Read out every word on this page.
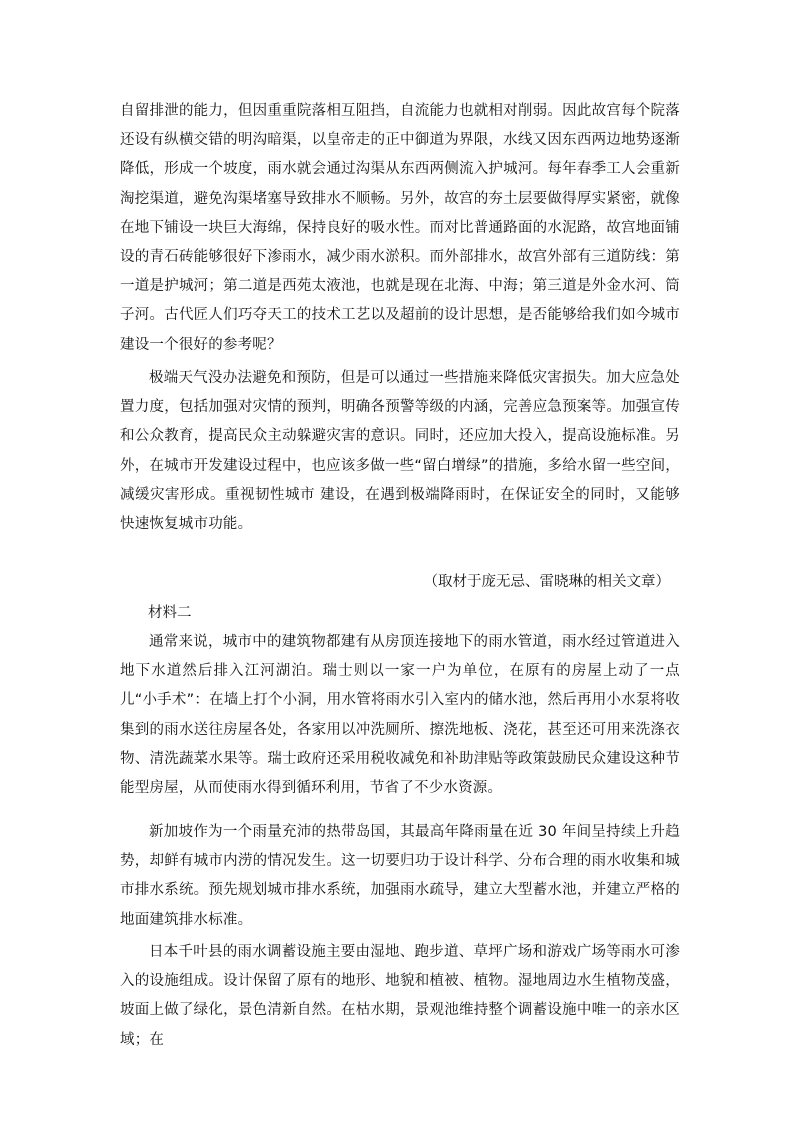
自留排泄的能力，但因重重院落相互阻挡，自流能力也就相对削弱。因此故宫每个院落还设有纵横交错的明沟暗渠，以皇帝走的正中御道为界限，水线又因东西两边地势逐渐降低，形成一个坡度，雨水就会通过沟渠从东西两侧流入护城河。每年春季工人会重新淘挖渠道，避免沟渠堵塞导致排水不顺畅。另外，故宫的夯土层要做得厚实紧密，就像在地下铺设一块巨大海绵，保持良好的吸水性。而对比普通路面的水泥路，故宫地面铺设的青石砖能够很好下渗雨水，减少雨水淤积。而外部排水，故宫外部有三道防线：第一道是护城河；第二道是西苑太液池，也就是现在北海、中海；第三道是外金水河、筒子河。古代匠人们巧夺天工的技术工艺以及超前的设计思想，是否能够给我们如今城市建设一个很好的参考呢？

极端天气没办法避免和预防，但是可以通过一些措施来降低灾害损失。加大应急处置力度，包括加强对灾情的预判，明确各预警等级的内涵，完善应急预案等。加强宣传和公众教育，提高民众主动躲避灾害的意识。同时，还应加大投入，提高设施标准。另外，在城市开发建设过程中，也应该多做一些“留白增绿”的措施，多给水留一些空间，减缓灾害形成。重视韧性城市 建设，在遇到极端降雨时，在保证安全的同时，又能够快速恢复城市功能。

（取材于庞无忌、雷晓琳的相关文章）

材料二

通常来说，城市中的建筑物都建有从房顶连接地下的雨水管道，雨水经过管道进入地下水道然后排入江河湖泊。瑞士则以一家一户为单位，在原有的房屋上动了一点儿“小手术”：在墙上打个小洞，用水管将雨水引入室内的储水池，然后再用小水泵将收集到的雨水送往房屋各处，各家用以冲洗厕所、擦洗地板、浇花，甚至还可用来洗涤衣物、清洗蔬菜水果等。瑞士政府还采用税收减免和补助津贴等政策鼓励民众建设这种节能型房屋，从而使雨水得到循环利用，节省了不少水资源。

新加坡作为一个雨量充沛的热带岛国，其最高年降雨量在近 30 年间呈持续上升趋势，却鲜有城市内涝的情况发生。这一切要归功于设计科学、分布合理的雨水收集和城市排水系统。预先规划城市排水系统，加强雨水疏导，建立大型蓄水池，并建立严格的地面建筑排水标准。

日本千叶县的雨水调蓄设施主要由湿地、跑步道、草坪广场和游戏广场等雨水可渗入的设施组成。设计保留了原有的地形、地貌和植被、植物。湿地周边水生植物茂盛，坡面上做了绿化，景色清新自然。在枯水期，景观池维持整个调蓄设施中唯一的亲水区域；在
